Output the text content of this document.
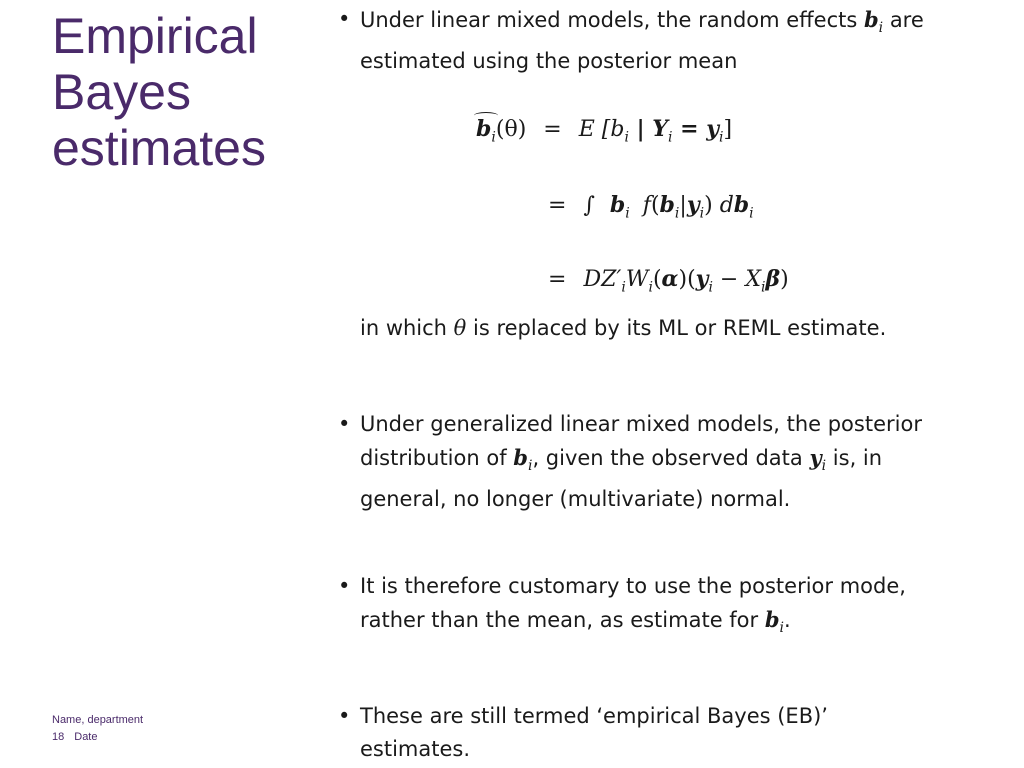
Empirical
Bayes
estimates
• Under linear mixed models, the random effects $b_i$ are
estimated using the posterior mean
$b_i(\theta) = E$ [$b_i$ | $Y_i = y_i$]
= ∫ $b_i$ $f(b_i|y_i)$ $db_i$
= $DZ'_iW_i(\alpha)(y_i - X_i\beta)$
in which θ is replaced by its ML or REML estimate.
• Under generalized linear mixed models, the posterior
distribution of $b_i$, given the observed data $y_i$ is, in
general, no longer (multivariate) normal.
• It is therefore customary to use the posterior mode,
rather than the mean, as estimate for $b_i$.
• These are still termed ‘empirical Bayes (EB)’
estimates.
Name, department
18 Date
